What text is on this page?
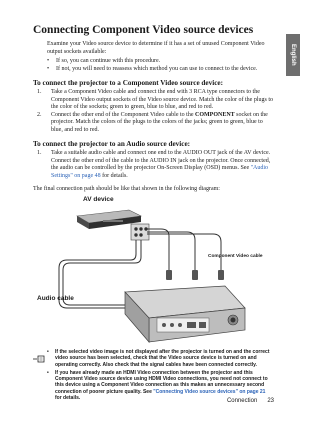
English
Connecting Component Video source devices

Examine your Video source device to determine if it has a set of unused Component Video output sockets available:

• If so, you can continue with this procedure.
• If not, you will need to reassess which method you can use to connect to the device.
To connect the projector to a Component Video source device:
1. Take a Component Video cable and connect the end with 3 RCA type connectors to the Component Video output sockets of the Video source device. Match the color of the plugs to the color of the sockets; green to green, blue to blue, and red to red.
2. Connect the other end of the Component Video cable to the COMPONENT socket on the projector. Match the colors of the plugs to the colors of the jacks; green to green, blue to blue, and red to red.
To connect the projector to an Audio source device:
1. Take a suitable audio cable and connect one end to the AUDIO OUT jack of the AV device. Connect the other end of the cable to the AUDIO IN jack on the projector. Once connected, the audio can be controlled by the projector On-Screen Display (OSD) menus. See "Audio Settings" on page 48 for details.

The final connection path should be like that shown in the following diagram:

AV device
Component Video cable
Audio cable
• If the selected video image is not displayed after the projector is turned on and the correct video source has been selected, check that the Video source device is turned on and operating correctly. Also check that the signal cables have been connected correctly.
• If you have already made an HDMI Video connection between the projector and this Component Video source device using HDMI Video connections, you need not connect to this device using a Component Video connection as this makes an unnecessary second connection of poorer picture quality. See "Connecting Video source devices" on page 21 for details.	Connection 23
